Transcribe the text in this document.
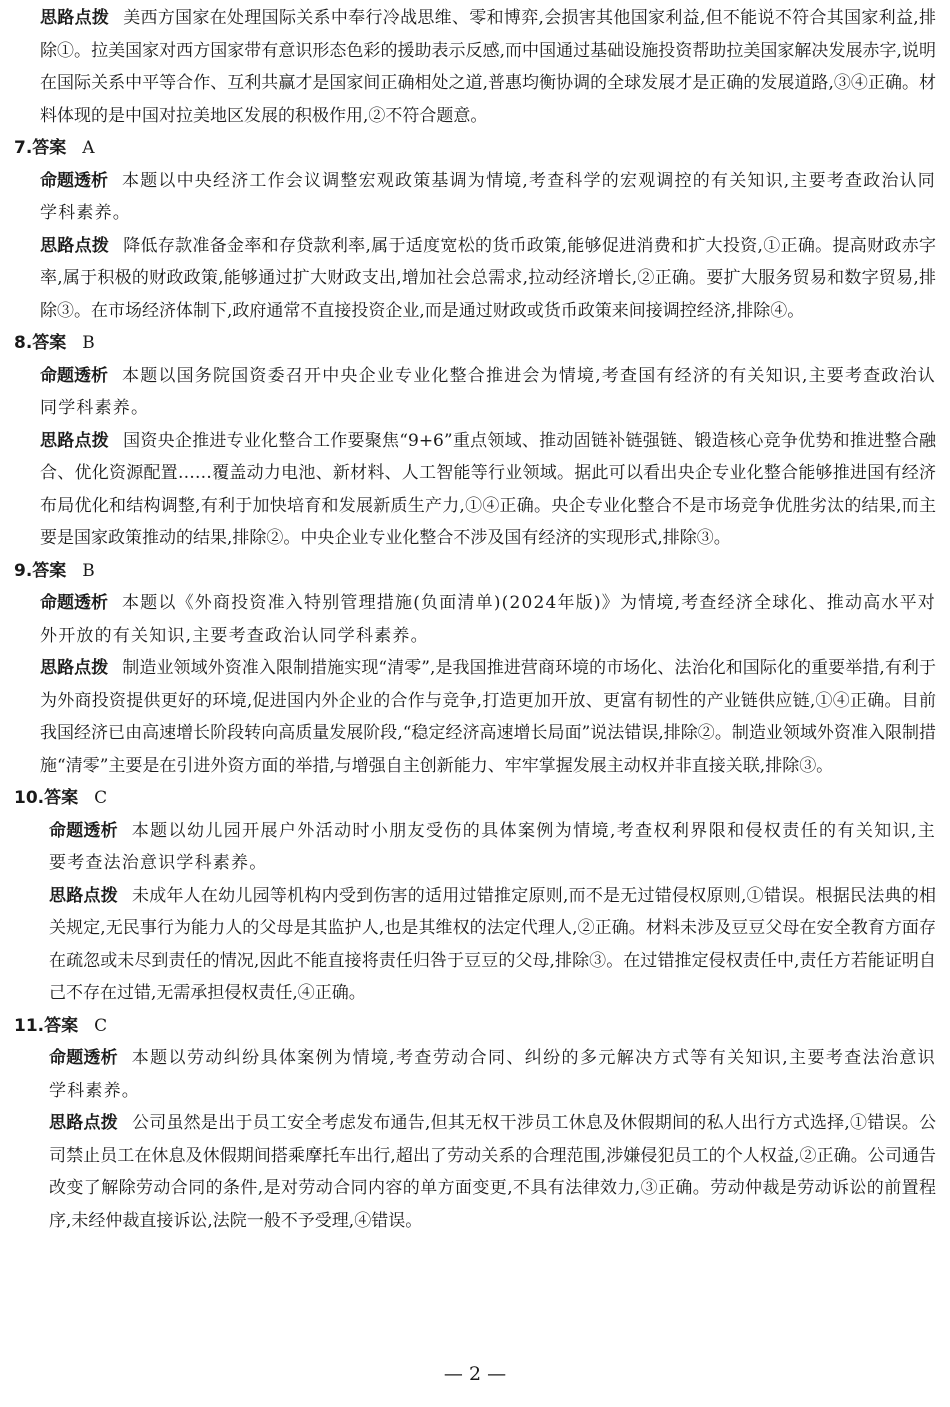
思路点拨 美西方国家在处理国际关系中奉行冷战思维、零和博弈,会损害其他国家利益,但不能说不符合其国家利益,排除①。拉美国家对西方国家带有意识形态色彩的援助表示反感,而中国通过基础设施投资帮助拉美国家解决发展赤字,说明在国际关系中平等合作、互利共赢才是国家间正确相处之道,普惠均衡协调的全球发展才是正确的发展道路,③④正确。材料体现的是中国对拉美地区发展的积极作用,②不符合题意。

7.答案 A

命题透析 本题以中央经济工作会议调整宏观政策基调为情境,考查科学的宏观调控的有关知识,主要考查政治认同学科素养。

思路点拨 降低存款准备金率和存贷款利率,属于适度宽松的货币政策,能够促进消费和扩大投资,①正确。提高财政赤字率,属于积极的财政政策,能够通过扩大财政支出,增加社会总需求,拉动经济增长,②正确。要扩大服务贸易和数字贸易,排除③。在市场经济体制下,政府通常不直接投资企业,而是通过财政或货币政策来间接调控经济,排除④。

8.答案 B

命题透析 本题以国务院国资委召开中央企业专业化整合推进会为情境,考查国有经济的有关知识,主要考查政治认同学科素养。

思路点拨 国资央企推进专业化整合工作要聚焦“9+6”重点领域、推动固链补链强链、锻造核心竞争优势和推进整合融合、优化资源配置……覆盖动力电池、新材料、人工智能等行业领域。据此可以看出央企专业化整合能够推进国有经济布局优化和结构调整,有利于加快培育和发展新质生产力,①④正确。央企专业化整合不是市场竞争优胜劣汰的结果,而主要是国家政策推动的结果,排除②。中央企业专业化整合不涉及国有经济的实现形式,排除③。

9.答案 B

命题透析 本题以《外商投资准入特别管理措施(负面清单)(2024年版)》为情境,考查经济全球化、推动高水平对外开放的有关知识,主要考查政治认同学科素养。

思路点拨 制造业领域外资准入限制措施实现“清零”,是我国推进营商环境的市场化、法治化和国际化的重要举措,有利于为外商投资提供更好的环境,促进国内外企业的合作与竞争,打造更加开放、更富有韧性的产业链供应链,①④正确。目前我国经济已由高速增长阶段转向高质量发展阶段,“稳定经济高速增长局面”说法错误,排除②。制造业领域外资准入限制措施“清零”主要是在引进外资方面的举措,与增强自主创新能力、牢牢掌握发展主动权并非直接关联,排除③。

10.答案 C

命题透析 本题以幼儿园开展户外活动时小朋友受伤的具体案例为情境,考查权利界限和侵权责任的有关知识,主要考查法治意识学科素养。

思路点拨 未成年人在幼儿园等机构内受到伤害的适用过错推定原则,而不是无过错侵权原则,①错误。根据民法典的相关规定,无民事行为能力人的父母是其监护人,也是其维权的法定代理人,②正确。材料未涉及豆豆父母在安全教育方面存在疏忽或未尽到责任的情况,因此不能直接将责任归咎于豆豆的父母,排除③。在过错推定侵权责任中,责任方若能证明自己不存在过错,无需承担侵权责任,④正确。

11.答案 C

命题透析 本题以劳动纠纷具体案例为情境,考查劳动合同、纠纷的多元解决方式等有关知识,主要考查法治意识学科素养。

思路点拨 公司虽然是出于员工安全考虑发布通告,但其无权干涉员工休息及休假期间的私人出行方式选择,①错误。公司禁止员工在休息及休假期间搭乘摩托车出行,超出了劳动关系的合理范围,涉嫌侵犯员工的个人权益,②正确。公司通告改变了解除劳动合同的条件,是对劳动合同内容的单方面变更,不具有法律效力,③正确。劳动仲裁是劳动诉讼的前置程序,未经仲裁直接诉讼,法院一般不予受理,④错误。

— 2 —
